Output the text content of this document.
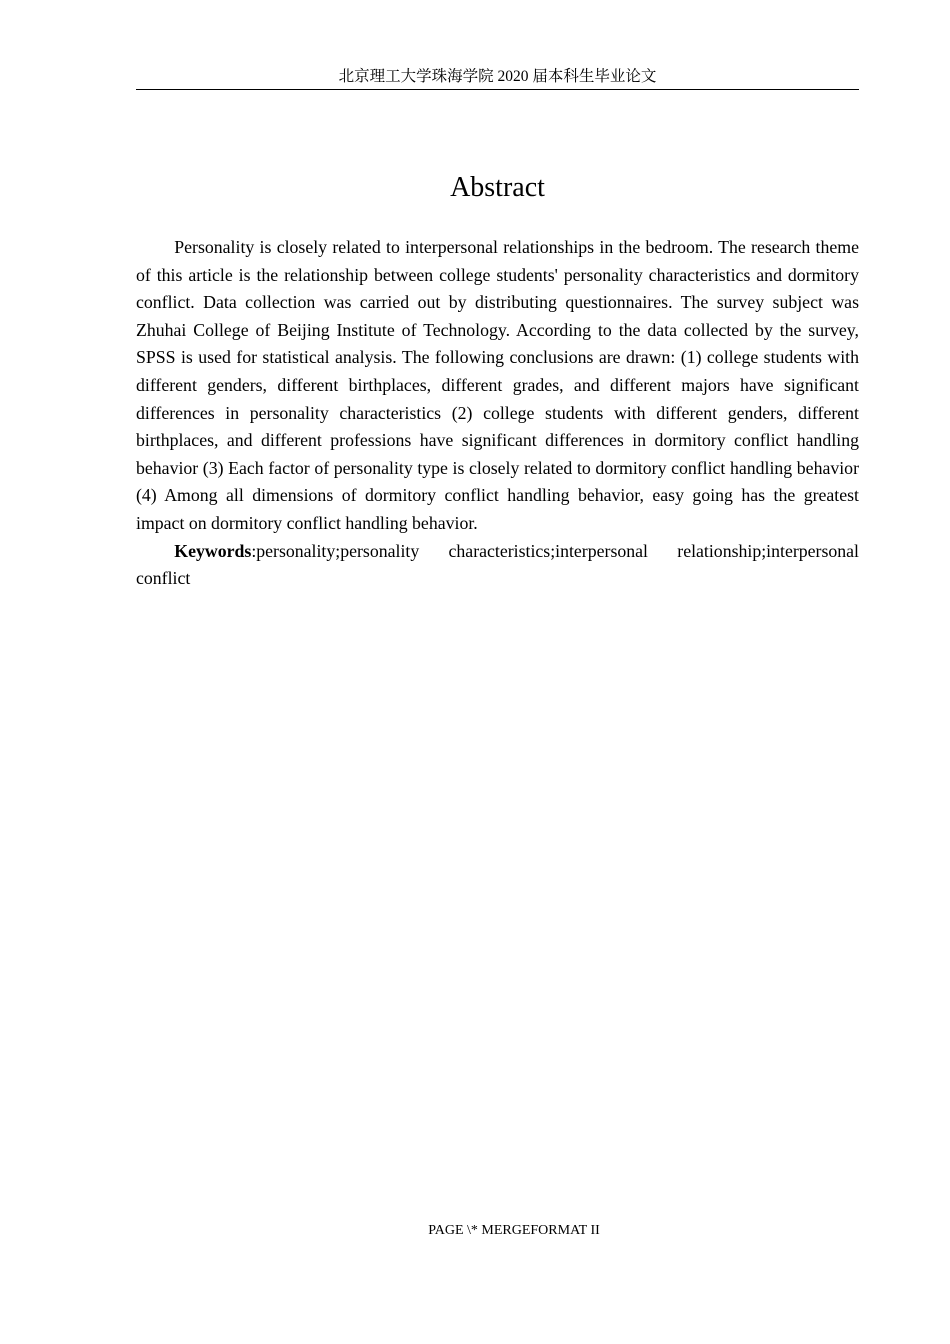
北京理工大学珠海学院 2020 届本科生毕业论文
Abstract

Personality is closely related to interpersonal relationships in the bedroom. The research theme of this article is the relationship between college students' personality characteristics and dormitory conflict. Data collection was carried out by distributing questionnaires. The survey subject was Zhuhai College of Beijing Institute of Technology. According to the data collected by the survey, SPSS is used for statistical analysis. The following conclusions are drawn: (1) college students with different genders, different birthplaces, different grades, and different majors have significant differences in personality characteristics (2) college students with different genders, different birthplaces, and different professions have significant differences in dormitory conflict handling behavior (3) Each factor of personality type is closely related to dormitory conflict handling behavior (4) Among all dimensions of dormitory conflict handling behavior, easy going has the greatest impact on dormitory conflict handling behavior.

Keywords:personality;personality characteristics;interpersonal relationship;interpersonal conflict

PAGE \* MERGEFORMAT II
